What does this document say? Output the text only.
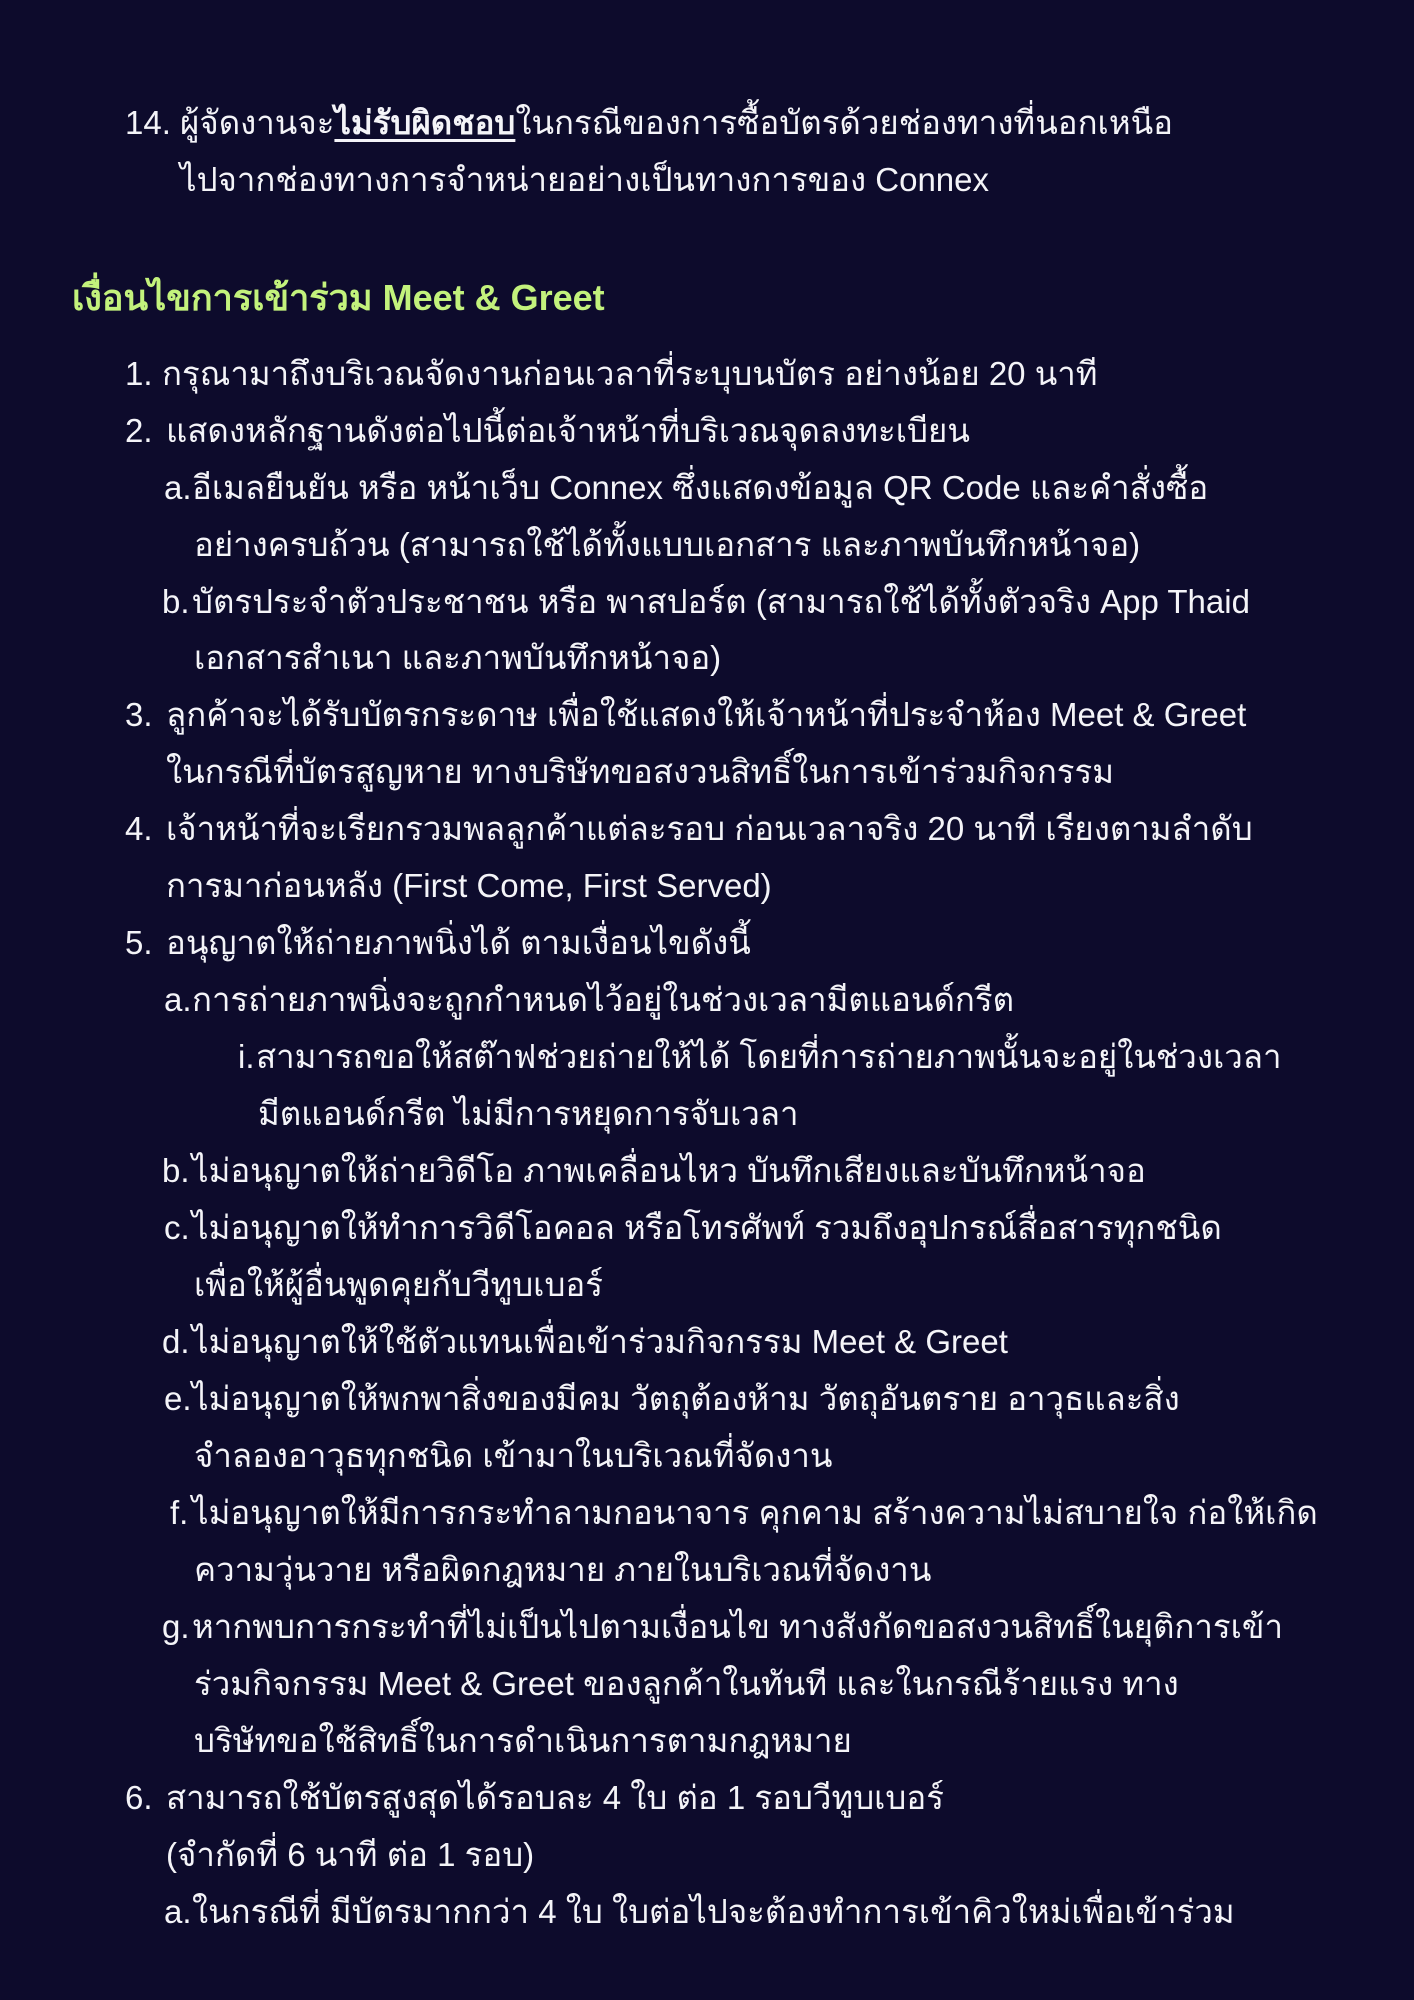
14. ผู้จัดงานจะไม่รับผิดชอบในกรณีของการซื้อบัตรด้วยช่องทางที่นอกเหนือ
ไปจากช่องทางการจำหน่ายอย่างเป็นทางการของ Connex
เงื่อนไขการเข้าร่วม Meet & Greet
1. กรุณามาถึงบริเวณจัดงานก่อนเวลาที่ระบุบนบัตร อย่างน้อย 20 นาที
2. แสดงหลักฐานดังต่อไปนี้ต่อเจ้าหน้าที่บริเวณจุดลงทะเบียน
a. อีเมลยืนยัน หรือ หน้าเว็บ Connex ซึ่งแสดงข้อมูล QR Code และคำสั่งซื้อ
อย่างครบถ้วน (สามารถใช้ได้ทั้งแบบเอกสาร และภาพบันทึกหน้าจอ)
b. บัตรประจำตัวประชาชน หรือ พาสปอร์ต (สามารถใช้ได้ทั้งตัวจริง App Thaid
เอกสารสำเนา และภาพบันทึกหน้าจอ)
3. ลูกค้าจะได้รับบัตรกระดาษ เพื่อใช้แสดงให้เจ้าหน้าที่ประจำห้อง Meet & Greet
ในกรณีที่บัตรสูญหาย ทางบริษัทขอสงวนสิทธิ์ในการเข้าร่วมกิจกรรม
4. เจ้าหน้าที่จะเรียกรวมพลลูกค้าแต่ละรอบ ก่อนเวลาจริง 20 นาที เรียงตามลำดับ
การมาก่อนหลัง (First Come, First Served)
5. อนุญาตให้ถ่ายภาพนิ่งได้ ตามเงื่อนไขดังนี้
a. การถ่ายภาพนิ่งจะถูกกำหนดไว้อยู่ในช่วงเวลามีตแอนด์กรีต
i. สามารถขอให้สต๊าฟช่วยถ่ายให้ได้ โดยที่การถ่ายภาพนั้นจะอยู่ในช่วงเวลา
มีตแอนด์กรีต ไม่มีการหยุดการจับเวลา
b. ไม่อนุญาตให้ถ่ายวิดีโอ ภาพเคลื่อนไหว บันทึกเสียงและบันทึกหน้าจอ
c. ไม่อนุญาตให้ทำการวิดีโอคอล หรือโทรศัพท์ รวมถึงอุปกรณ์สื่อสารทุกชนิด
เพื่อให้ผู้อื่นพูดคุยกับวีทูบเบอร์
d. ไม่อนุญาตให้ใช้ตัวแทนเพื่อเข้าร่วมกิจกรรม Meet & Greet
e. ไม่อนุญาตให้พกพาสิ่งของมีคม วัตถุต้องห้าม วัตถุอันตราย อาวุธและสิ่ง
จำลองอาวุธทุกชนิด เข้ามาในบริเวณที่จัดงาน
f. ไม่อนุญาตให้มีการกระทำลามกอนาจาร คุกคาม สร้างความไม่สบายใจ ก่อให้เกิด
ความวุ่นวาย หรือผิดกฎหมาย ภายในบริเวณที่จัดงาน
g. หากพบการกระทำที่ไม่เป็นไปตามเงื่อนไข ทางสังกัดขอสงวนสิทธิ์ในยุติการเข้า
ร่วมกิจกรรม Meet & Greet ของลูกค้าในทันที และในกรณีร้ายแรง ทาง
บริษัทขอใช้สิทธิ์ในการดำเนินการตามกฎหมาย
6. สามารถใช้บัตรสูงสุดได้รอบละ 4 ใบ ต่อ 1 รอบวีทูบเบอร์
(จำกัดที่ 6 นาที ต่อ 1 รอบ)
a. ในกรณีที่ มีบัตรมากกว่า 4 ใบ ใบต่อไปจะต้องทำการเข้าคิวใหม่เพื่อเข้าร่วม
